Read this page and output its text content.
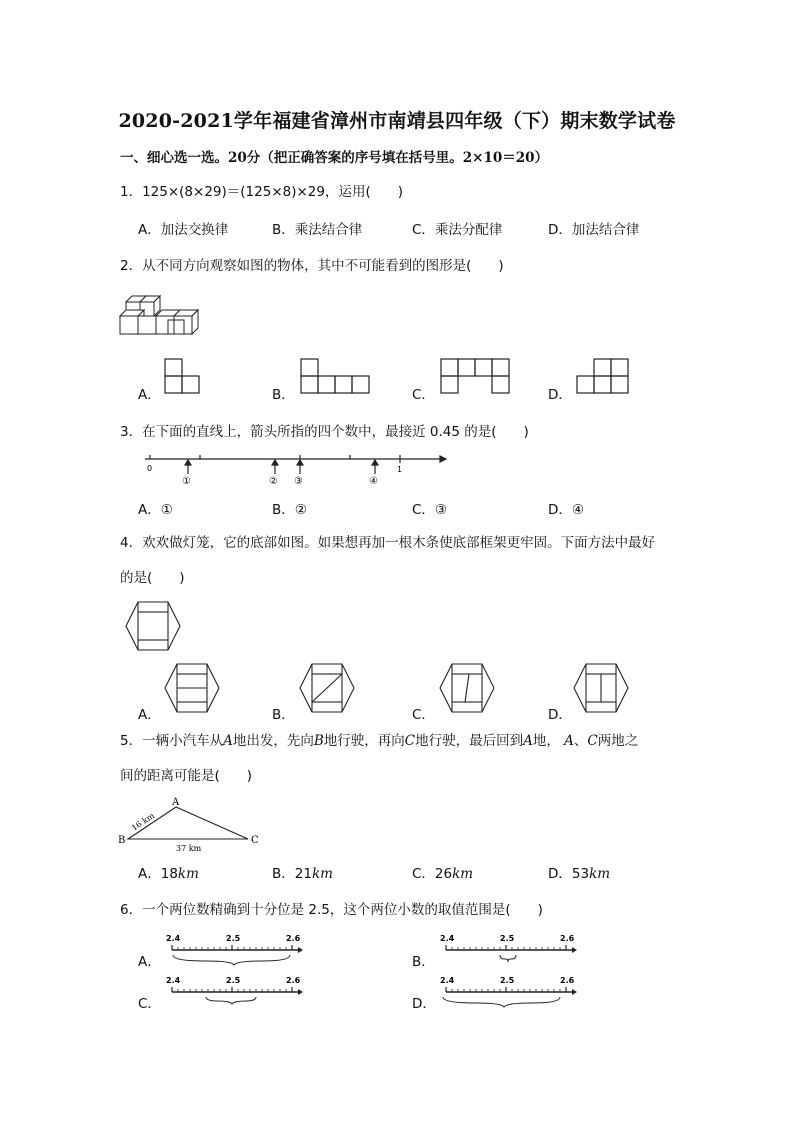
2020-2021学年福建省漳州市南靖县四年级（下）期末数学试卷
一、细心选一选。20分（把正确答案的序号填在括号里。2×10＝20）
1．125×(8×29)＝(125×8)×29，运用(　　)
A．加法交换律	B．乘法结合律	C．乘法分配律	D．加法结合律
2．从不同方向观察如图的物体，其中不可能看到的图形是(　　)
A．	B．	C．	D．
3．在下面的直线上，箭头所指的四个数中，最接近 0.45 的是(　　)
0	1
①	② ③	④
A．①	B．②	C．③	D．④
4．欢欢做灯笼，它的底部如图。如果想再加一根木条使底部框架更牢固。下面方法中最好
的是(　　)
A．	B．	C．	D．
5．一辆小汽车从A地出发，先向B地行驶，再向C地行驶，最后回到A地， A、C两地之
间的距离可能是(　　)
A
B	C
16 km
37 km
A．18km	B．21km	C．26km	D．53km
6．一个两位数精确到十分位是 2.5，这个两位小数的取值范围是(　　)
A．	B．
C．	D．
2.4	2.5	2.6	2.4	2.5	2.6
2.4	2.5	2.6	2.4	2.5	2.6
